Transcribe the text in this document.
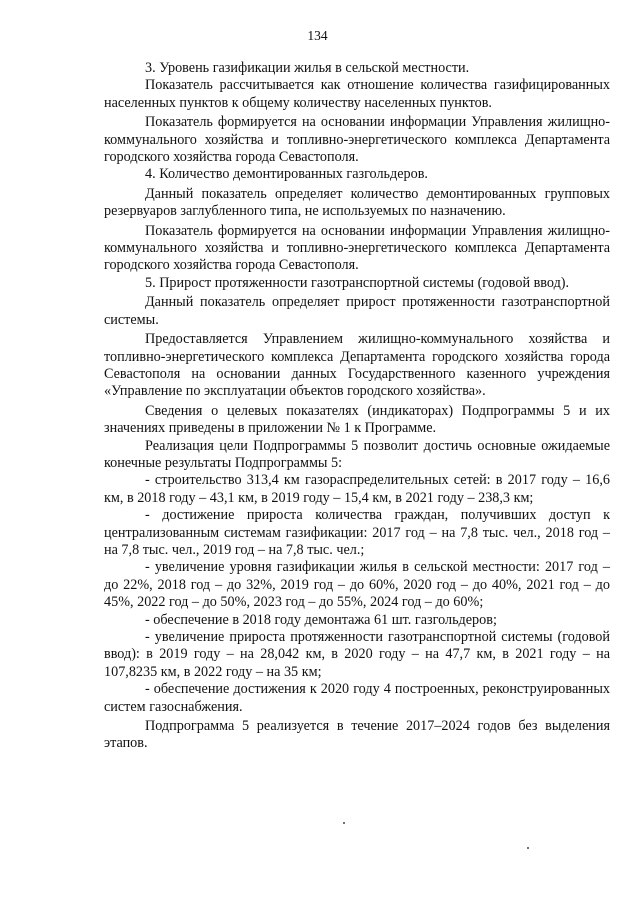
134

3. Уровень газификации жилья в сельской местности.

Показатель рассчитывается как отношение количества газифицированных населенных пунктов к общему количеству населенных пунктов.

Показатель формируется на основании информации Управления жилищно-коммунального хозяйства и топливно-энергетического комплекса Департамента городского хозяйства города Севастополя.

4. Количество демонтированных газгольдеров.

Данный показатель определяет количество демонтированных групповых резервуаров заглубленного типа, не используемых по назначению.

Показатель формируется на основании информации Управления жилищно-коммунального хозяйства и топливно-энергетического комплекса Департамента городского хозяйства города Севастополя.

5. Прирост протяженности газотранспортной системы (годовой ввод).

Данный показатель определяет прирост протяженности газотранспортной системы.

Предоставляется Управлением жилищно-коммунального хозяйства и топливно-энергетического комплекса Департамента городского хозяйства города Севастополя на основании данных Государственного казенного учреждения «Управление по эксплуатации объектов городского хозяйства».

Сведения о целевых показателях (индикаторах) Подпрограммы 5 и их значениях приведены в приложении № 1 к Программе.

Реализация цели Подпрограммы 5 позволит достичь основные ожидаемые конечные результаты Подпрограммы 5:

- строительство 313,4 км газораспределительных сетей: в 2017 году – 16,6 км, в 2018 году – 43,1 км, в 2019 году – 15,4 км, в 2021 году – 238,3 км;

- достижение прироста количества граждан, получивших доступ к централизованным системам газификации: 2017 год – на 7,8 тыс. чел., 2018 год – на 7,8 тыс. чел., 2019 год – на 7,8 тыс. чел.;

- увеличение уровня газификации жилья в сельской местности: 2017 год – до 22%, 2018 год – до 32%, 2019 год – до 60%, 2020 год – до 40%, 2021 год – до 45%, 2022 год – до 50%, 2023 год – до 55%, 2024 год – до 60%;

- обеспечение в 2018 году демонтажа 61 шт. газгольдеров;

- увеличение прироста протяженности газотранспортной системы (годовой ввод): в 2019 году – на 28,042 км, в 2020 году – на 47,7 км, в 2021 году – на 107,8235 км, в 2022 году – на 35 км;

- обеспечение достижения к 2020 году 4 построенных, реконструированных систем газоснабжения.

Подпрограмма 5 реализуется в течение 2017–2024 годов без выделения этапов.
